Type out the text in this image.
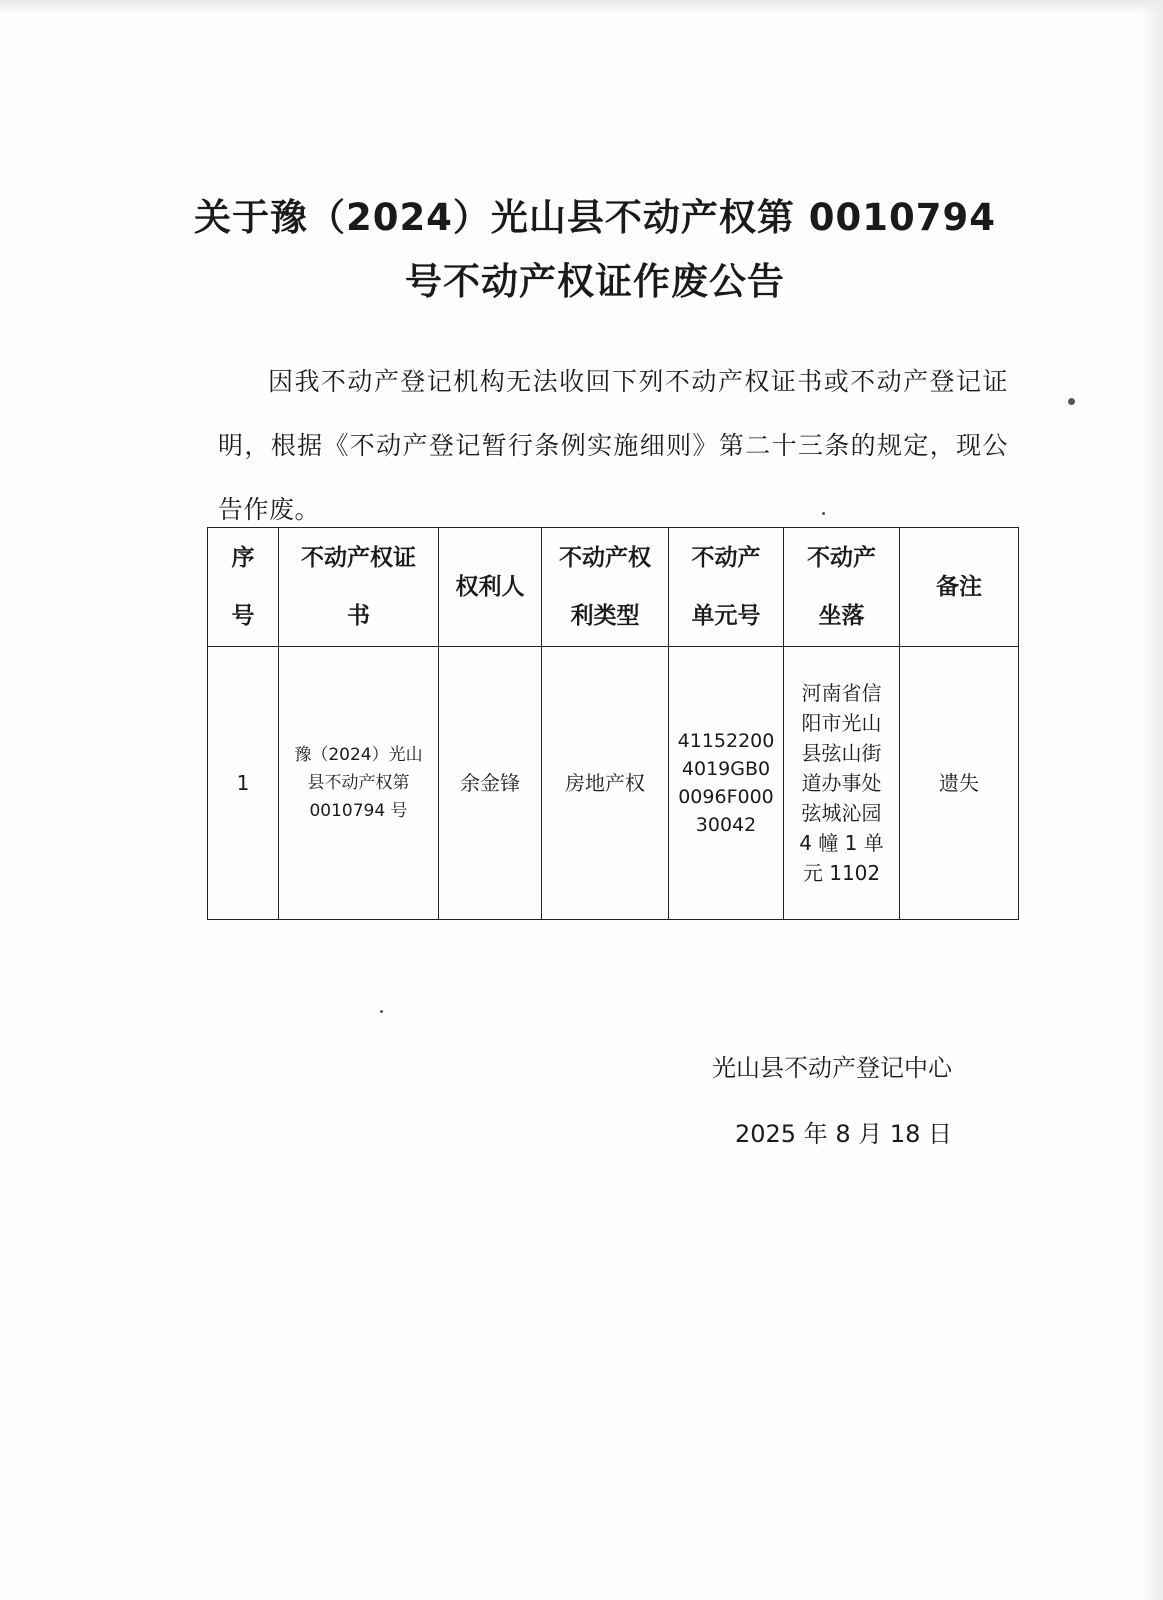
关于豫（2024）光山县不动产权第 0010794
号不动产权证作废公告
因我不动产登记机构无法收回下列不动产权证书或不动产登记证明，根据《不动产登记暂行条例实施细则》第二十三条的规定，现公告作废。
序号	不动产权证书	权利人	不动产权利类型	不动产单元号	不动产坐落	备注
1	豫（2024）光山县不动产权第0010794 号	余金锋	房地产权	411522004019GB00096F00030042	河南省信阳市光山县弦山街道办事处弦城沁园 4 幢 1 单元 1102	遗失
光山县不动产登记中心
2025 年 8 月 18 日
